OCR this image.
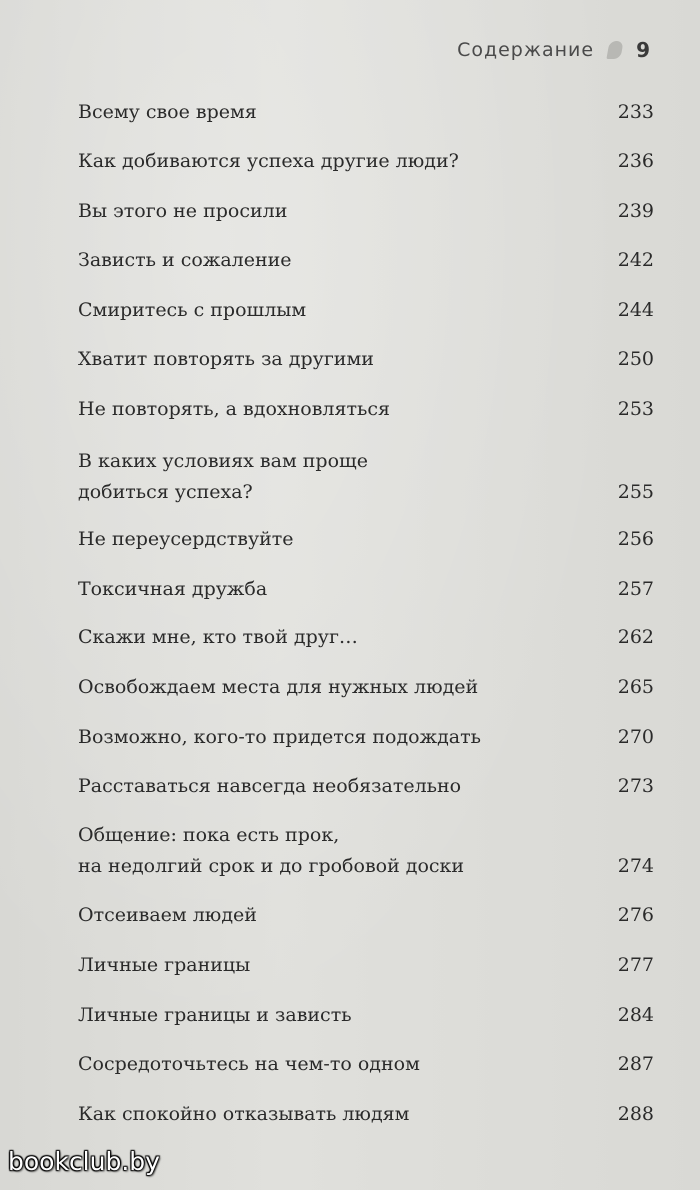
Содержание 9
Всему свое время	233
Как добиваются успеха другие люди?	236
Вы этого не просили	239
Зависть и сожаление	242
Смиритесь с прошлым	244
Хватит повторять за другими	250
Не повторять, а вдохновляться	253
В каких условиях вам проще
добиться успеха?	255
Не переусердствуйте	256
Токсичная дружба	257
Скажи мне, кто твой друг…	262
Освобождаем места для нужных людей	265
Возможно, кого-то придется подождать	270
Расставаться навсегда необязательно	273
Общение: пока есть прок,
на недолгий срок и до гробовой доски	274
Отсеиваем людей	276
Личные границы	277
Личные границы и зависть	284
Сосредоточьтесь на чем-то одном	287
Как спокойно отказывать людям	288
bookclub.by
